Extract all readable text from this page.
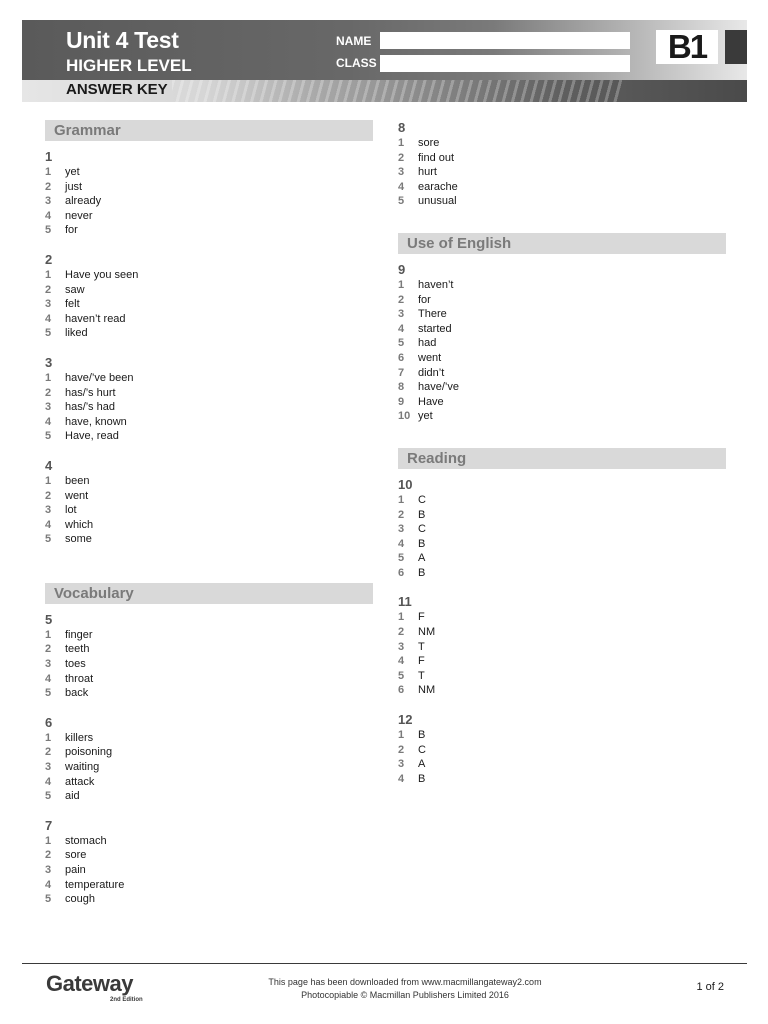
Unit 4 Test
HIGHER LEVEL
ANSWER KEY
NAME
CLASS	B1
Grammar
1
1	yet
2	just
3	already
4	never
5	for
2
1	Have you seen
2	saw
3	felt
4	haven’t read
5	liked
3
1	have/’ve been
2	has/’s hurt
3	has/’s had
4	have, known
5	Have, read
4
1	been
2	went
3	lot
4	which
5	some
Vocabulary
5
1	finger
2	teeth
3	toes
4	throat
5	back
6
1	killers
2	poisoning
3	waiting
4	attack
5	aid
7
1	stomach
2	sore
3	pain
4	temperature
5	cough
8
1	sore
2	find out
3	hurt
4	earache
5	unusual
Use of English
9
1	haven’t
2	for
3	There
4	started
5	had
6	went
7	didn’t
8	have/’ve
9	Have
10 yet
Reading
10
1	C
2	B
3	C
4	B
5	A
6	B
11
1	F
2	NM
3	T
4	F
5	T
6	NM
12
1	B
2	C
3	A
4	B
Gateway
2nd Edition
This page has been downloaded from www.macmillangateway2.com
Photocopiable © Macmillan Publishers Limited 2016
1 of 2
